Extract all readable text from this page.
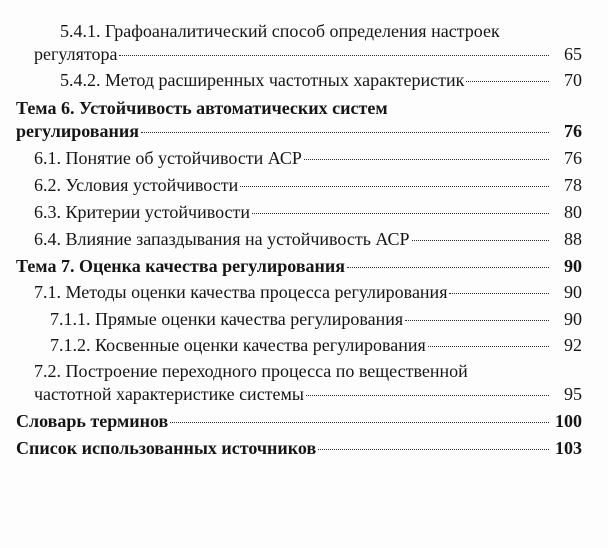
5.4.1. Графоаналитический способ определения настроек
регулятора	65
5.4.2. Метод расширенных частотных характеристик	70
Тема 6. Устойчивость автоматических систем
регулирования	76
6.1. Понятие об устойчивости АСР	76
6.2. Условия устойчивости	78
6.3. Критерии устойчивости	80
6.4. Влияние запаздывания на устойчивость АСР	88
Тема 7. Оценка качества регулирования	90
7.1. Методы оценки качества процесса регулирования	90
7.1.1. Прямые оценки качества регулирования	90
7.1.2. Косвенные оценки качества регулирования	92
7.2. Построение переходного процесса по вещественной
частотной характеристике системы	95
Словарь терминов	100
Список использованных источников	103
